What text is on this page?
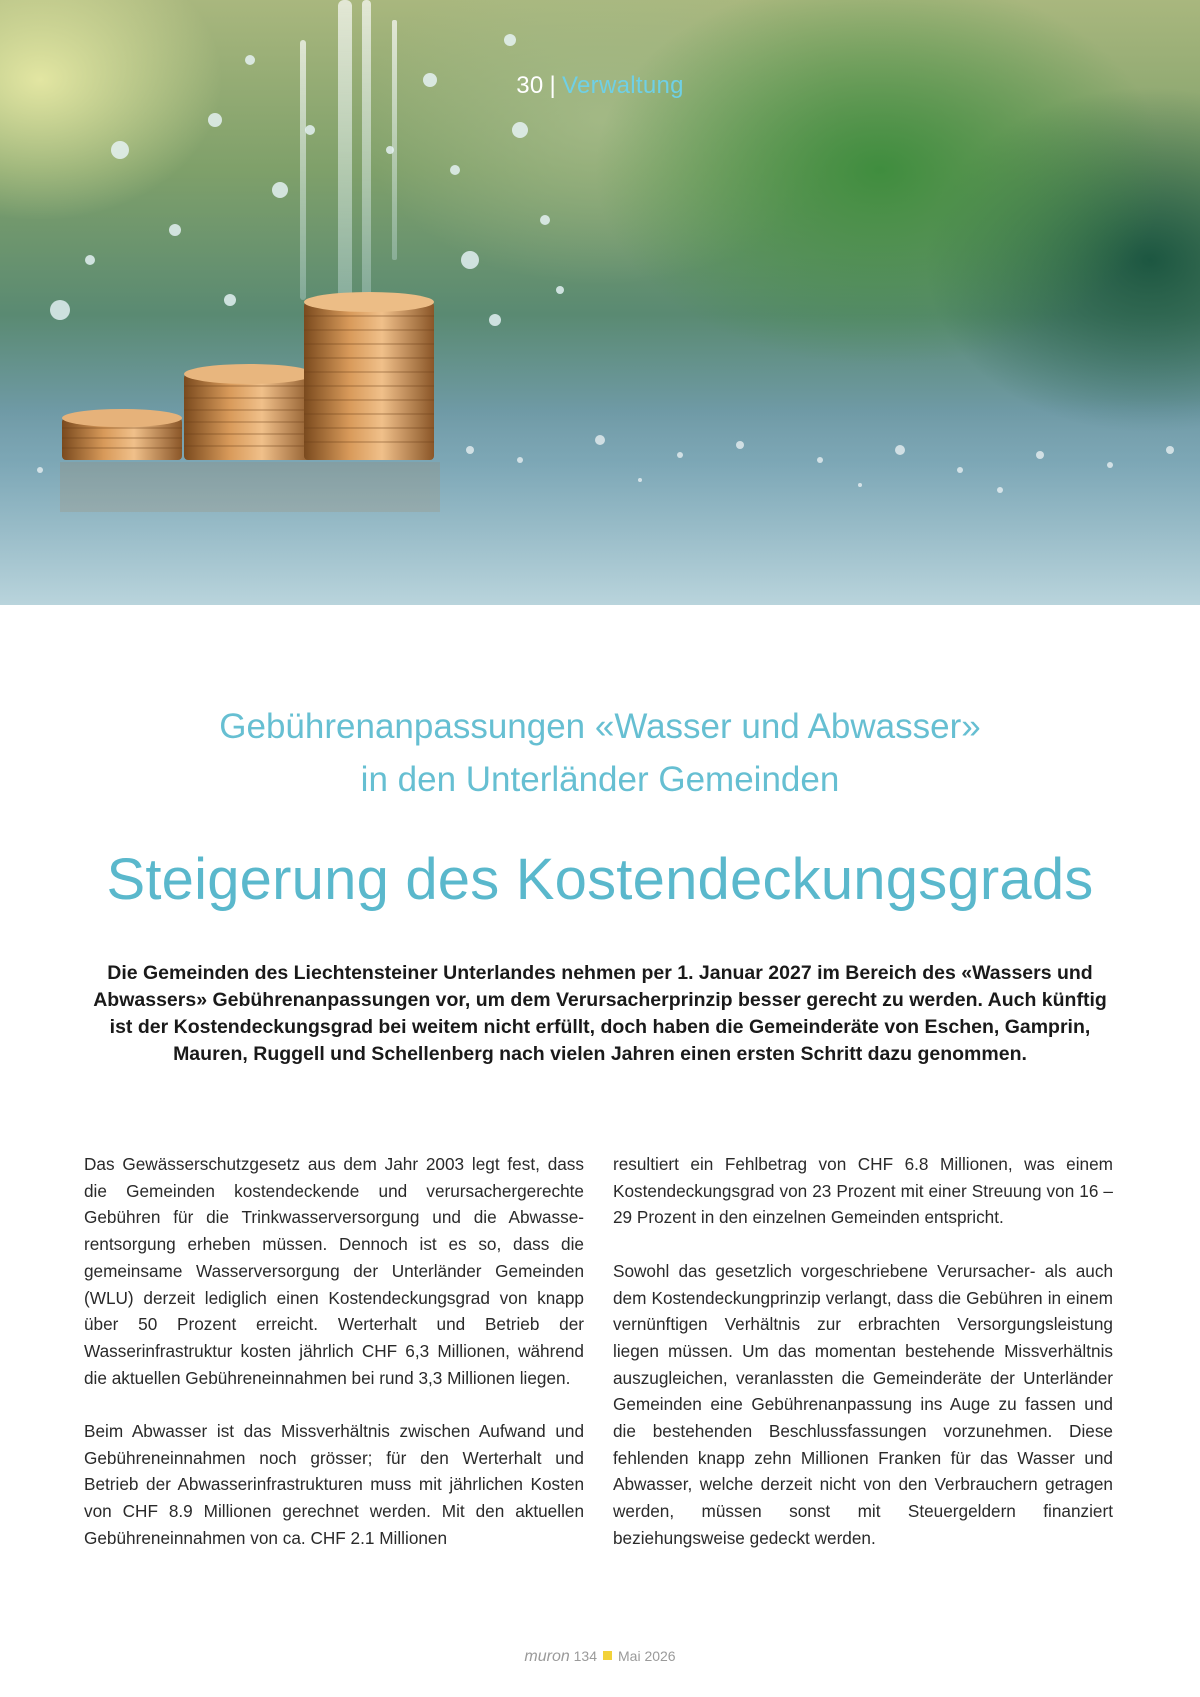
30 | Verwaltung
Gebührenanpassungen «Wasser und Abwasser»
in den Unterländer Gemeinden
Steigerung des Kostendeckungsgrads

Die Gemeinden des Liechtensteiner Unterlandes nehmen per 1. Januar 2027 im Bereich des «Wassers und Abwassers» Gebührenanpassungen vor, um dem Verursacherprinzip besser gerecht zu werden. Auch künftig ist der Kostendeckungsgrad bei weitem nicht erfüllt, doch haben die Gemeinderäte von Eschen, Gamprin, Mauren, Ruggell und Schellenberg nach vielen Jahren einen ersten Schritt dazu genommen.

Das Gewässerschutzgesetz aus dem Jahr 2003 legt fest, dass die Gemeinden kostendeckende und verursachergerechte Gebühren für die Trinkwasserversorgung und die Abwasserentsorgung erheben müssen. Dennoch ist es so, dass die gemeinsame Wasserversorgung der Unterländer Gemeinden (WLU) derzeit lediglich einen Kostendeckungsgrad von knapp über 50 Prozent erreicht. Werterhalt und Betrieb der Wasserinfrastruktur kosten jährlich CHF 6,3 Millionen, während die aktuellen Gebühreneinnahmen bei rund 3,3 Millionen liegen.

Beim Abwasser ist das Missverhältnis zwischen Aufwand und Gebühreneinnahmen noch grösser; für den Werterhalt und Betrieb der Abwasserinfrastrukturen muss mit jährlichen Kosten von CHF 8.9 Millionen gerechnet werden. Mit den aktuellen Gebühreneinnahmen von ca. CHF 2.1 Millionen

resultiert ein Fehlbetrag von CHF 6.8 Millionen, was einem Kostendeckungsgrad von 23 Prozent mit einer Streuung von 16 – 29 Prozent in den einzelnen Gemeinden entspricht.

Sowohl das gesetzlich vorgeschriebene Verursacher- als auch dem Kostendeckungprinzip verlangt, dass die Gebühren in einem vernünftigen Verhältnis zur erbrachten Versorgungsleistung liegen müssen. Um das momentan bestehende Missverhältnis auszugleichen, veranlassten die Gemeinderäte der Unterländer Gemeinden eine Gebührenanpassung ins Auge zu fassen und die bestehenden Beschlussfassungen vorzunehmen. Diese fehlenden knapp zehn Millionen Franken für das Wasser und Abwasser, welche derzeit nicht von den Verbrauchern getragen werden, müssen sonst mit Steuergeldern finanziert beziehungsweise gedeckt werden.

muron 134 Mai 2026
